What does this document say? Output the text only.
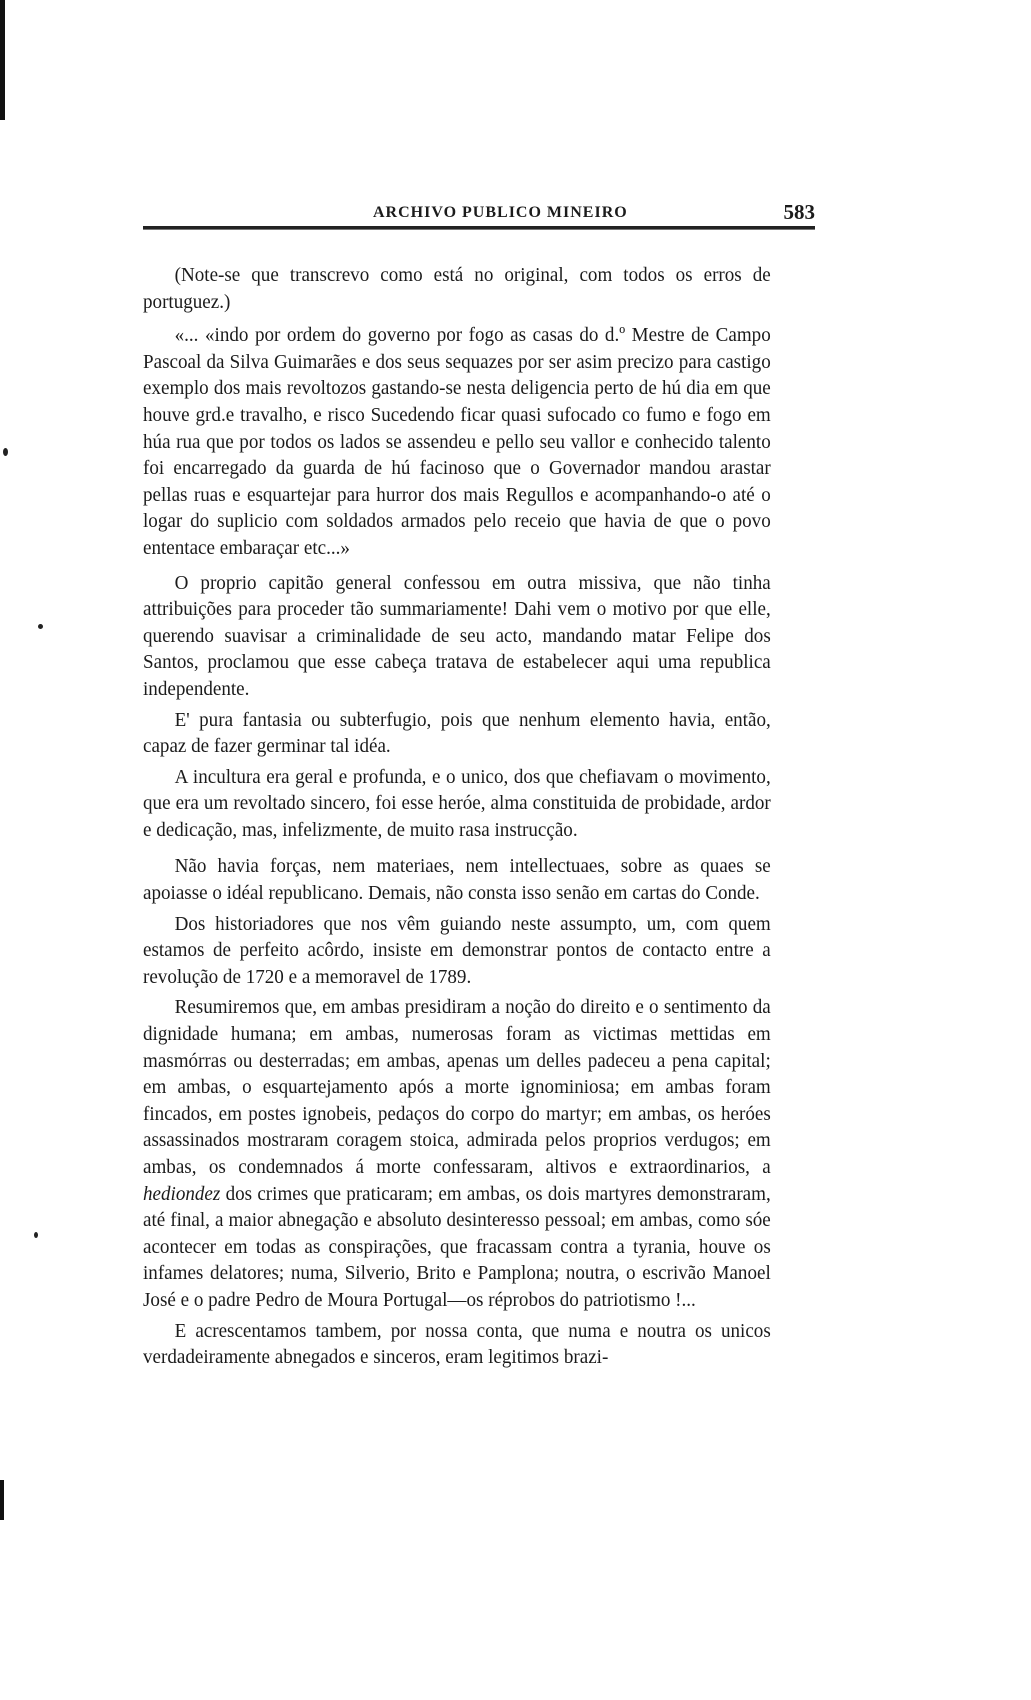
ARCHIVO PUBLICO MINEIRO	583

(Note-se que transcrevo como está no original, com todos os erros de portuguez.)

«... «indo por ordem do governo por fogo as casas do d.º Mestre de Campo Pascoal da Silva Guimarães e dos seus sequazes por ser asim precizo para castigo exemplo dos mais revoltozos gastando-se nesta deligencia perto de hú dia em que houve grd.e travalho, e risco Sucedendo ficar quasi sufocado co fumo e fogo em húa rua que por todos os lados se assendeu e pello seu vallor e conhecido talento foi encarregado da guarda de hú facinoso que o Governador mandou arastar pellas ruas e esquartejar para hurror dos mais Regullos e acompanhando-o até o logar do suplicio com soldados armados pelo receio que havia de que o povo ententace embaraçar etc...»

O proprio capitão general confessou em outra missiva, que não tinha attribuições para proceder tão summariamente! Dahi vem o motivo por que elle, querendo suavisar a criminalidade de seu acto, mandando matar Felipe dos Santos, proclamou que esse cabeça tratava de estabelecer aqui uma republica independente.

E' pura fantasia ou subterfugio, pois que nenhum elemento havia, então, capaz de fazer germinar tal idéa.

A incultura era geral e profunda, e o unico, dos que chefiavam o movimento, que era um revoltado sincero, foi esse heróe, alma constituida de probidade, ardor e dedicação, mas, infelizmente, de muito rasa instrucção.

Não havia forças, nem materiaes, nem intellectuaes, sobre as quaes se apoiasse o idéal republicano. Demais, não consta isso senão em cartas do Conde.

Dos historiadores que nos vêm guiando neste assumpto, um, com quem estamos de perfeito acôrdo, insiste em demonstrar pontos de contacto entre a revolução de 1720 e a memoravel de 1789.

Resumiremos que, em ambas presidiram a noção do direito e o sentimento da dignidade humana; em ambas, numerosas foram as victimas mettidas em masmórras ou desterradas; em ambas, apenas um delles padeceu a pena capital; em ambas, o esquartejamento após a morte ignominiosa; em ambas foram fincados, em postes ignobeis, pedaços do corpo do martyr; em ambas, os heróes assassinados mostraram coragem stoica, admirada pelos proprios verdugos; em ambas, os condemnados á morte confessaram, altivos e extraordinarios, a hediondez dos crimes que praticaram; em ambas, os dois martyres demonstraram, até final, a maior abnegação e absoluto desinteresso pessoal; em ambas, como sóe acontecer em todas as conspirações, que fracassam contra a tyrania, houve os infames delatores; numa, Silverio, Brito e Pamplona; noutra, o escrivão Manoel José e o padre Pedro de Moura Portugal—os réprobos do patriotismo !...

E acrescentamos tambem, por nossa conta, que numa e noutra os unicos verdadeiramente abnegados e sinceros, eram legitimos brazi-
